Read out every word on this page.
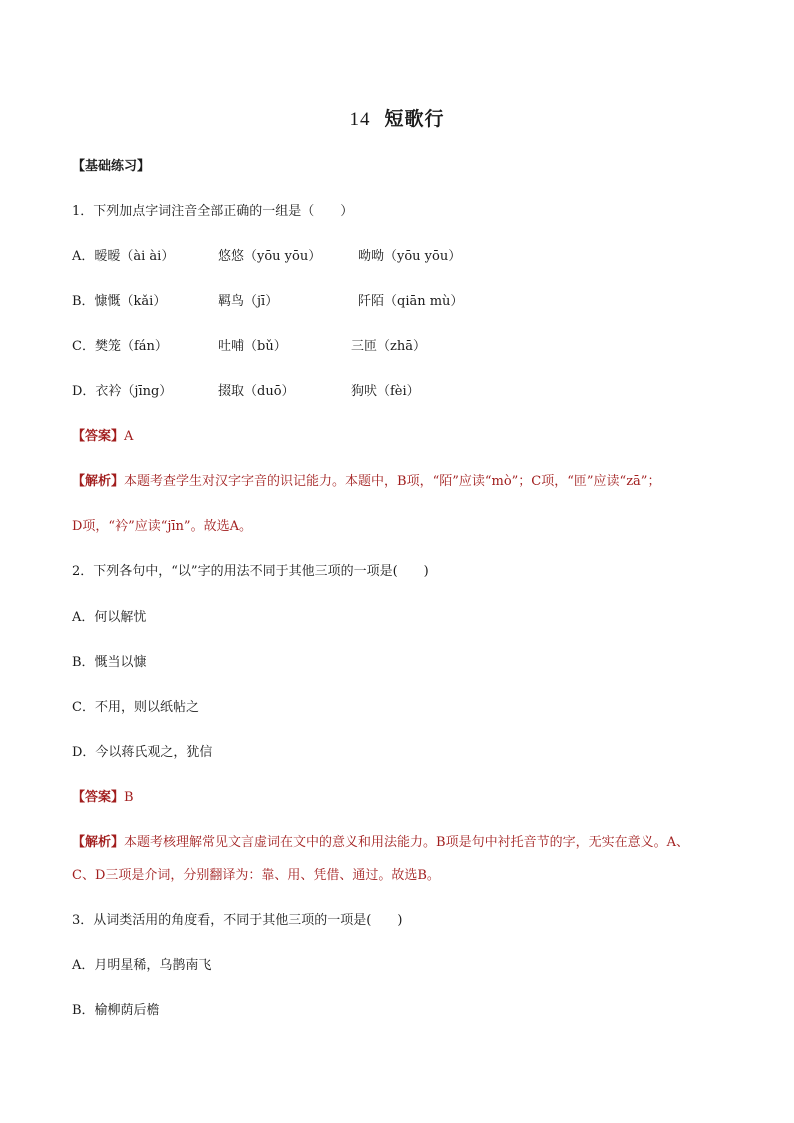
14 短歌行
【基础练习】
1．下列加点字词注音全部正确的一组是（　　）
A．暧暧（ài ài）	悠悠（yōu yōu）	呦呦（yōu yōu）
B．慷慨（kǎi）	羁鸟（jī）	阡陌（qiān mù）
C．樊笼（fán）	吐哺（bǔ）	三匝（zhā）
D．衣衿（jīng）	掇取（duō）	狗吠（fèi）
【答案】A
【解析】本题考查学生对汉字字音的识记能力。本题中，B项，“陌”应读“mò”；C项，“匝”应读“zā”；
D项，“衿”应读“jīn”。故选A。
2．下列各句中，“以”字的用法不同于其他三项的一项是(　　)
A．何以解忧
B．慨当以慷
C．不用，则以纸帖之
D．今以蒋氏观之，犹信
【答案】B
【解析】本题考核理解常见文言虚词在文中的意义和用法能力。B项是句中衬托音节的字，无实在意义。A、
C、D三项是介词，分别翻译为：靠、用、凭借、通过。故选B。
3．从词类活用的角度看，不同于其他三项的一项是(　　)
A．月明星稀，乌鹊南飞
B．榆柳荫后檐
